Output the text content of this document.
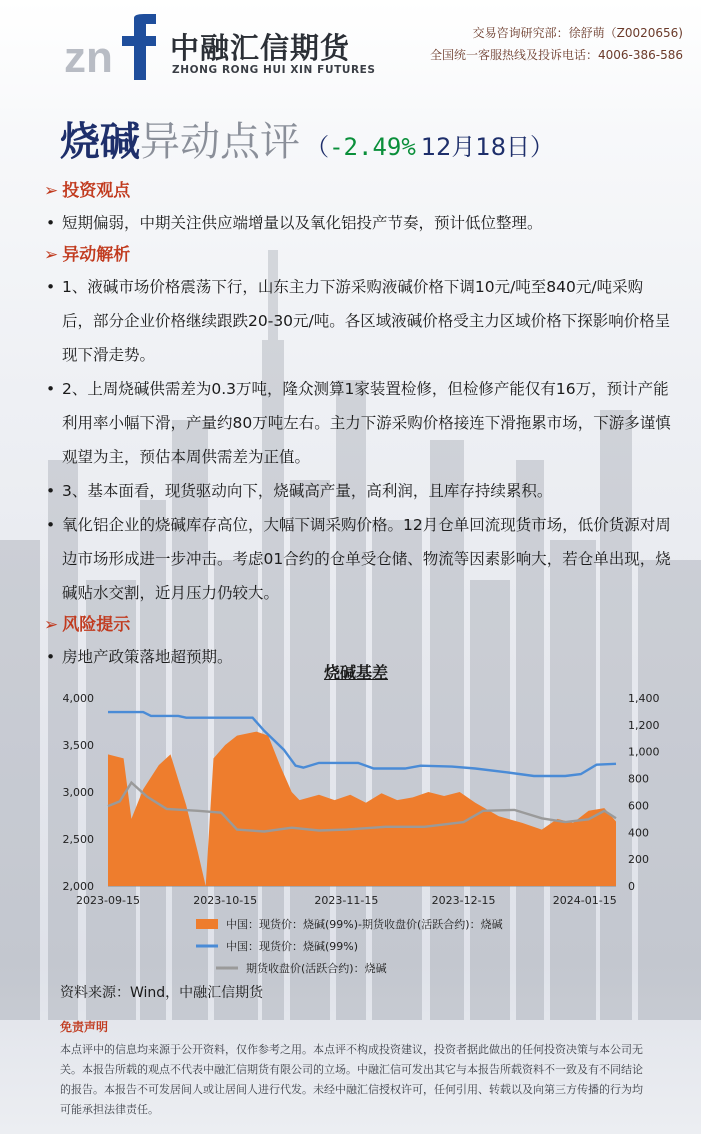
zn 中融汇信期货
ZHONG RONG HUI XIN FUTURES
交易咨询研究部：徐舒萌（Z0020656)
全国统一客服热线及投诉电话：4006-386-586
烧碱异动点评 （-2.49% 12月18日）
➢ 投资观点
• 短期偏弱，中期关注供应端增量以及氧化铝投产节奏，预计低位整理。
➢ 异动解析
• 1、液碱市场价格震荡下行，山东主力下游采购液碱价格下调10元/吨至840元/吨采购后，部分企业价格继续跟跌20-30元/吨。各区域液碱价格受主力区域价格下探影响价格呈现下滑走势。
• 2、上周烧碱供需差为0.3万吨，隆众测算1家装置检修，但检修产能仅有16万，预计产能利用率小幅下滑，产量约80万吨左右。主力下游采购价格接连下滑拖累市场，下游多谨慎观望为主，预估本周供需差为正值。
• 3、基本面看，现货驱动向下，烧碱高产量，高利润，且库存持续累积。
• 氧化铝企业的烧碱库存高位，大幅下调采购价格。12月仓单回流现货市场，低价货源对周边市场形成进一步冲击。考虑01合约的仓单受仓储、物流等因素影响大，若仓单出现，烧碱贴水交割，近月压力仍较大。
➢ 风险提示
• 房地产政策落地超预期。
烧碱基差
4,000
3,500
3,000
2,500
2,000
1,400
1,200
1,000
800
600
400
200
0
2023-09-15	2023-10-15	2023-11-15	2023-12-15	2024-01-15
中国：现货价：烧碱(99%)-期货收盘价(活跃合约)：烧碱
中国：现货价：烧碱(99%)
期货收盘价(活跃合约)：烧碱
资料来源：Wind，中融汇信期货
免责声明
本点评中的信息均来源于公开资料，仅作参考之用。本点评不构成投资建议，投资者据此做出的任何投资决策与本公司无关。本报告所载的观点不代表中融汇信期货有限公司的立场。中融汇信可发出其它与本报告所载资料不一致及有不同结论的报告。本报告不可发居间人或让居间人进行代发。未经中融汇信授权许可，任何引用、转载以及向第三方传播的行为均可能承担法律责任。
